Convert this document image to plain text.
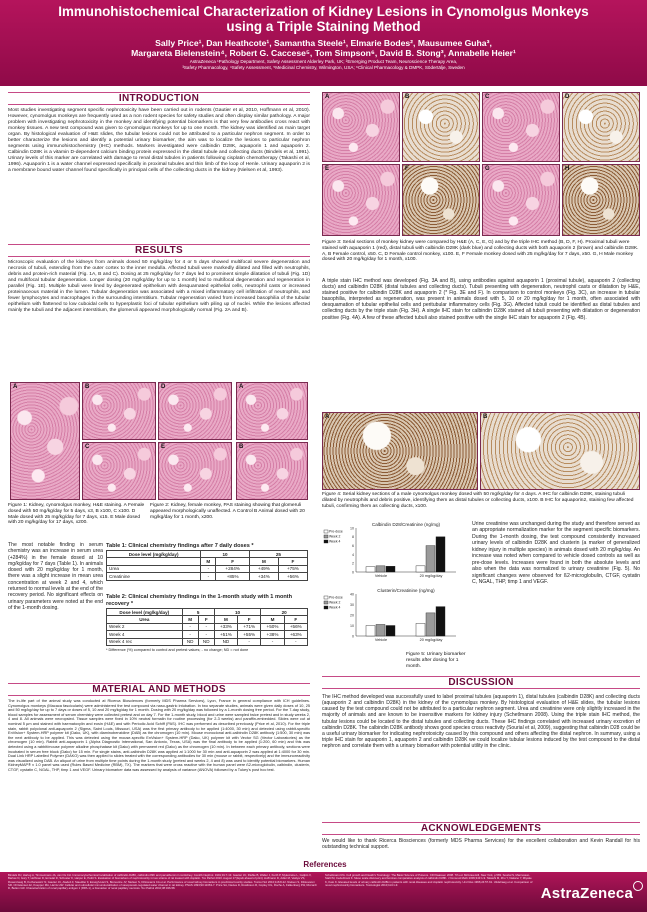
Immunohistochemical Characterization of Kidney Lesions in Cynomolgus Monkeys
using a Triple Staining Method
Sally Price¹, Dan Heathcote¹, Samantha Steele¹, Elmarie Bodes², Mausumee Guha³,
Margareta Bielenstein⁴, Robert G. Caccese⁵, Tom Simpson⁶, David B. Stong³, Annabelle Heier¹
AstraZeneca ¹Pathology Department, Safety Assessment Alderley Park, UK; ²Emerging Product Team, Neuroscience Therapy Area,
³Safety Pharmacology, ⁴Safety Assessment, ⁵Medicinal Chemistry, Wilmington, USA; ⁶Clinical Pharmacology & DMPK, Södertälje, Sweden
INTRODUCTION
Most studies investigating segment specific nephrotoxicity have been carried out in rodents (Gautier et al, 2010, Hoffmann et al, 2010). However, cynomolgus monkeys are frequently used as a non rodent species for safety studies and often display similar pathology. A major problem with investigating nephrotoxicity in the monkey and identifying potential biomarkers is that very few antibodies cross react with monkey tissues. A new test compound was given to cynomolgus monkeys for up to one month. The kidney was identified as main target organ. By histological evaluation of H&E slides, the tubular lesions could not be attributed to a particular nephron segment. In order to better characterize the lesions and identify a potential urinary biomarker, the aim was to localize the lesions to particular nephron segments using immunohistochemistry (IHC) methods. Markers investigated were calbindin D28K, aquaporin 1 and aquaporin 2. Calbindin D28K is a vitamin D-dependent calcium binding protein expressed in the distal tubule and collecting ducts (Bindels et al, 1991). Urinary levels of this marker are correlated with damage to renal distal tubules in patients following cisplatin chemotherapy (Takashi et al, 1996). Aquaporin 1 is a water channel expressed specifically in proximal tubules and thin limb of the loop of Henle. Urinary aquaporin 2 is a membrane bound water channel found specifically in principal cells of the collecting ducts in the kidney (Nielsen et al, 1993).
RESULTS
Microscopic evaluation of the kidneys from animals dosed 50 mg/kg/day for 4 or 5 days showed multifocal severe degeneration and necrosis of tubuli, extending from the outer cortex to the inner medulla. Affected tubuli were markedly dilated and filled with neutrophils, debris and protein-rich material (Fig. 1A, B and C). Dosing at 25 mg/kg/day for 7 days led to prominent simple dilatation of tubuli (Fig. 1D) and multifocal tubular degeneration. Longer dosing (20 mg/kg/day for up to 1 month) led to multifocal degeneration and regeneration in parallel (Fig. 1E). Multiple tubuli were lined by degenerated epithelium with desquamated epithelial cells, neutrophil casts or increased proteinaceous material in the lumen. Tubular degeneration was associated with a mixed inflammatory cell infiltration of neutrophils, and fewer lymphocytes and macrophages in the surrounding interstitium. Tubular regeneration varied from increased basophilia of the tubular epithelium with flattened to low cuboidal cells to hyperplastic foci of tubular epithelium with piling up of nuclei. While the lesions affected mainly the tubuli and the adjacent interstitium, the glomeruli appeared morphologically normal (Fig. 2A and B).
A	B
C
D
E
A
B
Figure 1: Kidney, cynomolgus monkey, H&E staining. A Female dosed with 50 mg/kg/day for 5 days, x3, B x100, C x100. D Male dosed with 25 mg/kg/day for 7 days, x15. E Male dosed with 20 mg/kg/day for 17 days, x200.
Figure 2: Kidney, female monkey, PAS staining showing that glomeruli appeared morphologically unaffected. A Control B Animal dosed with 20 mg/kg/day for 1 month, x200.
The most notable finding in serum chemistry was an increase in serum urea (+284%) in the female dosed at 10 mg/kg/day for 7 days (Table 1). In animals dosed with 20 mg/kg/day for 1 month, there was a slight increase in mean urea concentration at week 2 and 4, which returned to normal levels at the end of the recovery period. No significant effects on urinary parameters were noted at the end of the 1-month dosing.
Table 1: Clinical chemistry findings after 7 daily doses *
Dose level (mg/kg/day)	10		25	
	M	F	M	F
Urea	-	+284%	+49%	+75%
Creatinine	-	+85%	+34%	+56%
Table 2: Clinical chemistry findings in the 1-month study with 1 month recovery *
Dose level (mg/kg/day)	5		10		20	
Urea	M	F	M	F	M	F
Week 2	-	-	+33%	+71%	+50%	+56%
Week 4	-	-	+51%	+55%	+38%	+63%
Week 4 rec	ND	ND	ND	-	-	-
* Difference (%) compared to control and pretest values; - no change; ND = not done
MATERIAL AND METHODS
The in-life part of the animal study was conducted at Ricerca Biosciences (formerly MDS Pharma Services), Lyon, France in general compliance with ICH guidelines. Cynomolgus monkeys (Macaca fascicularis) were administered the test compound via naso-gastric intubation. In two separate studies, animals were given daily doses of 10, 25 and 50 mg/kg/day for up to 7 days or doses of 5, 10 and 20 mg/kg/day for 1 month. Dosing with 20 mg/kg/day was followed by a 1-month dosing free period. For the 7-day study, blood samples for assessment of serum chemistry were collected pretest and on day 7. For the 1-month study, blood and urine were sampled twice pretest and in study weeks 2, 4 and 8. All animals were necropsied. Tissue samples were fixed in 10% neutral formalin for routine processing (for 2-3 weeks) and paraffin-embedded. Slides were cut at nominal 5 µm and stained with haematoxylin and eosin (H&E) and with Periodic Acid Schiff (PAS). IHC was performed as described previously (Price et al, 2010). For the triple stain, rabbit polyclonal anti-aquaporin 2 (Sigma, Saint Louis, Missouri, USA) was the first primary antibody to be applied (1:4000, 30 min) and detected using rabbit-specific EnVision+ System-HRP polymer kit (Dako, UK), with diaminobenzidine (DAB) as the chromogen (10 min). Mouse monoclonal anti-calbindin D28K antibody (1:500, 30 min) was the next antibody to be applied. This was detected using the mouse-specific EnVision+ System-HRP (Dako, UK) polymer kit with Vector SG (Vector Laboratories) as the chromogen (10 min). Rabbit anti-aquaporin 1 (Alpha Diagnostic International, San Antonio, Texas, USA) was the final antibody to be applied (1:200, 60 min) and this was detected using a rabbit/mouse polymer alkaline phosphatase kit (Dako) with permanent red (Dako) as the chromogen (10 min). In between each primary antibody, sections were incubated in serum free block (Dako) for 15 min. For single stains, anti-calbindin D28K was applied at 1:1000 for 30 min and anti-aquaporin 2 was applied at 1:4000 for 30 min. Dual Link HRP Labelled Polymer (DAKO) was then applied to slides treated with the corresponding antibodies for 30 min (mouse or rabbit, respectively) and the immunoreactivity was visualized using DAB. An aliquot of urine from multiple time points during the 1-month study (pretest and weeks 2, 4 and 8) was used to identify potential biomarkers. Human KidneyMAP® v 1.0 panel was used (Rules Based Medicine (RBM), TX). The markers that were cross reactive with the human panel were ß2-microglobulin, calbindin, clusterin, CTGF, cystatin C, NGAL, THP, timp 1 and VEGF. Urinary biomarker data was assessed by analysis of variance (ANOVA) followed by a Tukey's post hoc test.
A	B	C	D
E	F	G	H
Figure 3: Serial sections of monkey kidney were compared by H&E (A, C, E, G) and by the triple IHC method (B, D, F, H). Proximal tubuli were stained with aquaporin 1 (red), distal tubuli with calbindin D28K (dark blue) and collecting ducts with both aquaporin 2 (brown) and calbindin D28K. A, B Female control, x50. C, D Female control monkey, x100. E, F Female monkey dosed with 25 mg/kg/day for 7 days, x50. G, H Male monkey dosed with 20 mg/kg/day for 1 month, x100.
A triple stain IHC method was developed (Fig. 3A and B), using antibodies against aquaporin 1 (proximal tubule), aquaporin 2 (collecting ducts) and calbindin D28K (distal tubules and collecting ducts). Tubuli presenting with degeneration, neutrophil casts or dilatation by H&E, stained positive for calbindin D28K and aquaporin 2 (* Fig. 3E and F). In comparison to control monkeys (Fig. 3C), an increase in tubular basophilia, interpreted as regeneration, was present in animals dosed with 5, 10 or 20 mg/kg/day for 1 month, often associated with desquamation of tubular epithelial cells and peritubular inflammatory cells (Fig. 3G). Affected tubuli could be identified as distal tubules and collecting ducts by the triple stain (Fig. 3H). A single IHC stain for calbindin D28K stained all tubuli presenting with dilatation or degeneration positive (Fig. 4A). A few of these affected tubuli also stained positive with the single IHC stain for aquaporin 2 (Fig. 4B).
A	B
Figure 4: Serial kidney sections of a male cynomolgus monkey dosed with 50 mg/kg/day for 4 days. A IHC for calbindin D28K, staining tubuli dilated by neutrophils and debris positive, identifying them as distal tubules or collecting ducts, x100. B IHC for aquaporin2, staining few affected tubuli, confirming them as collecting ducts, x100.
Calbindin D28/Creatinine (ng/mg)
0
2
4
6
8
10
Vehicle	20 mg/kg/day
Pre-dose
Week 2
Week 4
Clusterin/Creatinine (ng/mg)
0
10
20
30
40
Vehicle	20 mg/kg/day
Pre-dose
Week 2
Week 4
Figure 5: Urinary biomarker results after dosing for 1 month.
Urine creatinine was unchanged during the study and therefore served as an appropriate normalization marker for the segment specific biomarkers. During the 1-month dosing, the test compound consistently increased urinary levels of calbindin D28K and clusterin (a marker of generalized kidney injury in multiple species) in animals dosed with 20 mg/kg/day. An increase was noted when compared to vehicle dosed controls as well as pre-dose levels. Increases were found in both the absolute levels and also when the data was normalized to urinary creatinine (Fig. 5). No significant changes were observed for ß2-microglobulin, CTGF, cystatin C, NGAL, THP, timp 1 and VEGF.
DISCUSSION
The IHC method developed was successfully used to label proximal tubules (aquaporin 1), distal tubules (calbindin D28K) and collecting ducts (aquaporin 2 and calbindin D28K) in the kidney of the cynomolgus monkey. By histological evaluation of H&E slides, the tubular lesions caused by the test compound could not be attributed to a particular nephron segment. Urea and creatinine were only slightly increased in the majority of animals and are known to be insensitive markers for kidney injury (Schetlmann 2008). Using the triple stain IHC method, the tubular lesions could be located to the distal tubules and collecting ducts. These IHC findings correlated with increased urinary excretion of calbindin D28K. The calbindin D28K antibody shows good species cross reactivity (Sourial et al, 2009), suggesting that calbindin D28 could be a useful urinary biomarker for indicating nephrotoxicity caused by this compound and others affecting the distal nephron. In summary, using a triple IHC stain for aquaporin 1, aquaporin 2 and calbindin D28K we could localize tubular lesions induced by the test compound to the distal nephron and correlate them with a urinary biomarker with potential utility in the clinic.
ACKNOWLEDGEMENTS
We would like to thank Ricerca Biosciences (formerly MDS Pharma Services) for the excellent collaboration and Kevin Randall for his outstanding technical support.
References
Bindels RJ, Hartog A, Timmermans JA, van Os CH. Immunocytochemical localization of calbindin-D28K, calbindin-D9K and parvalbumin in rat kidney. Contrib Nephrol. 1991;91:7-13. Gautier JC, Riefke B, Walter J, Kurth P, Mylecraine L, Guilpin V, Barlow N, Gury T, Hoffman D, Ennulat D, Schuster K, Harpur E, Pettit S. Evaluation of biomarkers of nephrotoxicity in two strains of rat treated with cisplatin. Tox Pathol 2010. August 17 [Epub ahead of print]. Hoffmann D, Adler M, Vaidya VS, Rosenzweig B, Kurhanewicz N, Gautier JC, Aladeb F, Staedtler F, Emeigh-Hart S, Bonventre JV, Nielsen S, DiGiovanni CA et al. Performance of novel kidney biomarkers in preclinical toxicity studies. Toxicol Sci 2010;116:8-22. Nielsen S, DiGiovanni SR, Christensen EI, Knepper MA, Harris HW. Cellular and subcellular immunolocalization of vasopressin-regulated water channel in rat kidney. PNAS 1993;90:11663-7. Price SA, Davies D, Rowlinson R, Copley CG, Roche A, Falkenberg FW, Riccardi D, Betton GR. Characterization of renal papillary antigen 1 (RPA-1), a biomarker of renal papillary necrosis. Tox Pathol 2010;38:346-58.
Schetlmann RG. Cell growth and Death's Toxicology: The Basic Science of Poisons. CD Klaassen 2008. 7th ed. McGraw-Hill, New York, p.583. Sourial S, Marcusson-Stahl M, Cederbrant K. Meso scale discovery and luminex comparative analysis of calbindin D28K. J Immunol Meth 2009;343:1-9. Takashi M, Zhu Y, Nakano Y, Miyake K, Kato K. Elevated levels of urinary calbindin D28k in patients with renal diseases and cisplatin nephrotoxicity. Urol Res 1996;24:57-61. Uitdehaag et al. Comparison of novel nephrotoxicity biomarkers. Toxicologist 2010;114:1-9.
AstraZeneca
